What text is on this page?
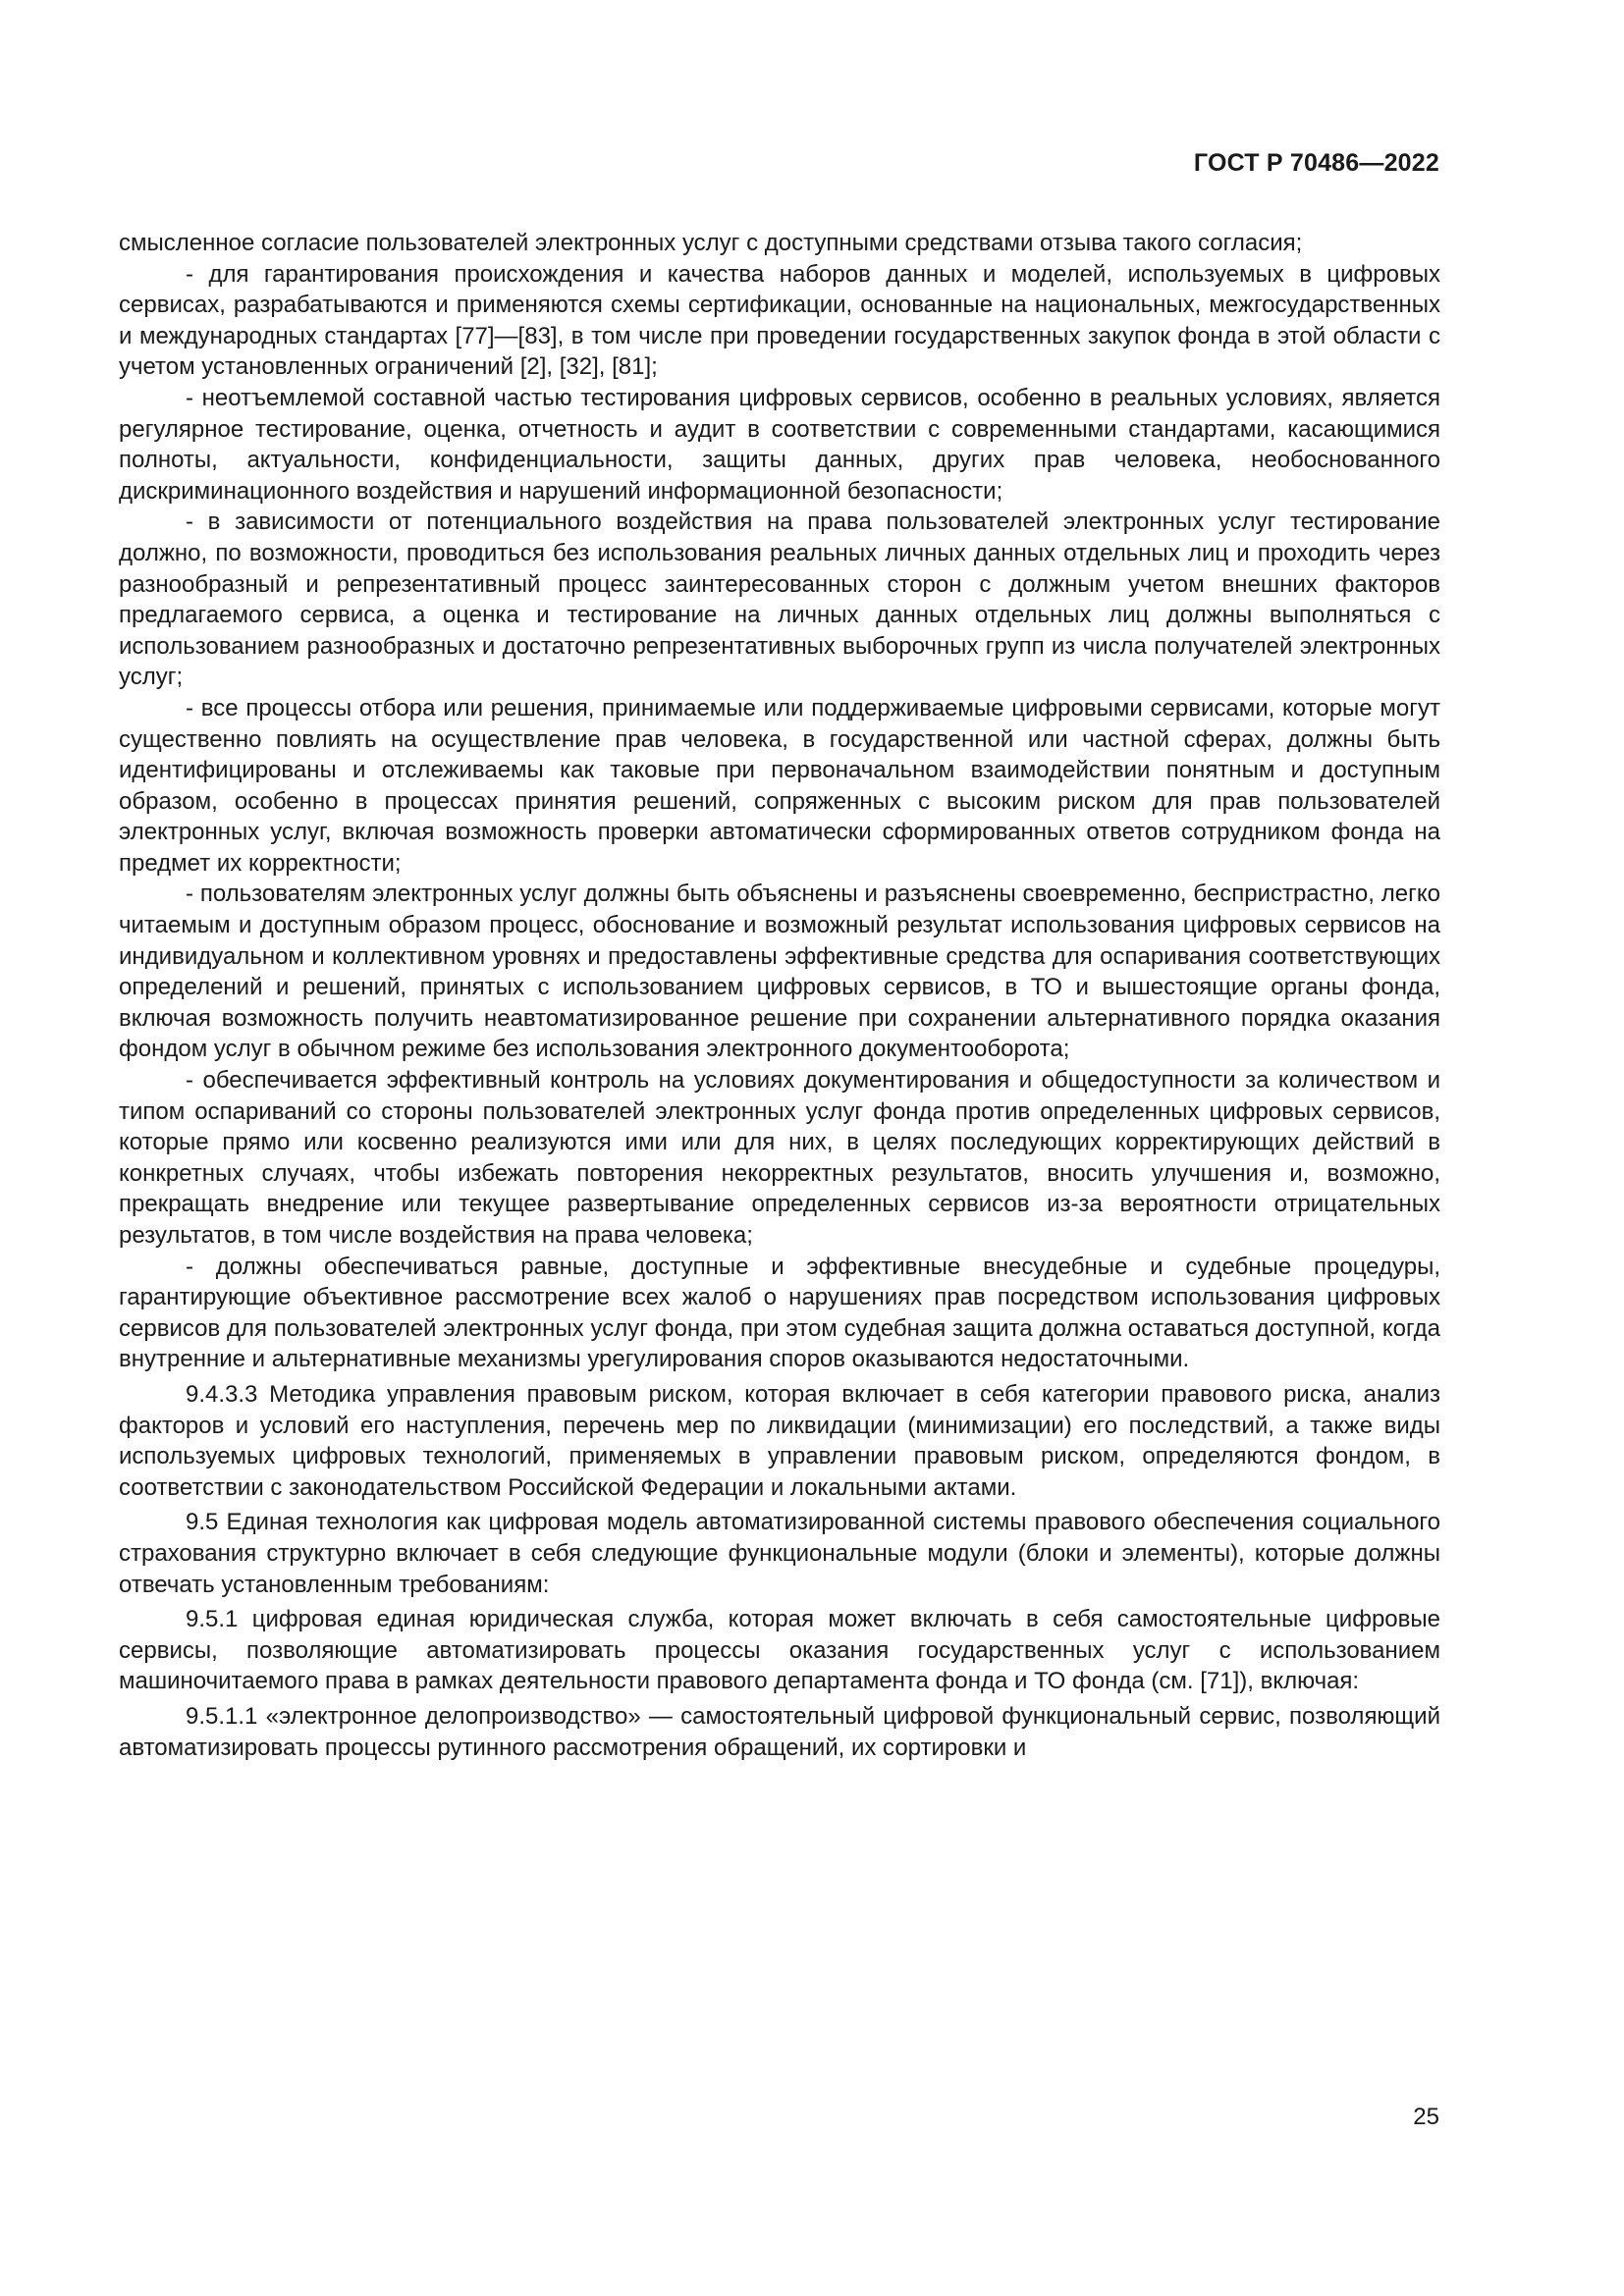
ГОСТ Р 70486—2022

смысленное согласие пользователей электронных услуг с доступными средствами отзыва такого согласия;

- для гарантирования происхождения и качества наборов данных и моделей, используемых в цифровых сервисах, разрабатываются и применяются схемы сертификации, основанные на национальных, межгосударственных и международных стандартах [77]—[83], в том числе при проведении государственных закупок фонда в этой области с учетом установленных ограничений [2], [32], [81];

- неотъемлемой составной частью тестирования цифровых сервисов, особенно в реальных условиях, является регулярное тестирование, оценка, отчетность и аудит в соответствии с современными стандартами, касающимися полноты, актуальности, конфиденциальности, защиты данных, других прав человека, необоснованного дискриминационного воздействия и нарушений информационной безопасности;

- в зависимости от потенциального воздействия на права пользователей электронных услуг тестирование должно, по возможности, проводиться без использования реальных личных данных отдельных лиц и проходить через разнообразный и репрезентативный процесс заинтересованных сторон с должным учетом внешних факторов предлагаемого сервиса, а оценка и тестирование на личных данных отдельных лиц должны выполняться с использованием разнообразных и достаточно репрезентативных выборочных групп из числа получателей электронных услуг;

- все процессы отбора или решения, принимаемые или поддерживаемые цифровыми сервисами, которые могут существенно повлиять на осуществление прав человека, в государственной или частной сферах, должны быть идентифицированы и отслеживаемы как таковые при первоначальном взаимодействии понятным и доступным образом, особенно в процессах принятия решений, сопряженных с высоким риском для прав пользователей электронных услуг, включая возможность проверки автоматически сформированных ответов сотрудником фонда на предмет их корректности;

- пользователям электронных услуг должны быть объяснены и разъяснены своевременно, беспристрастно, легко читаемым и доступным образом процесс, обоснование и возможный результат использования цифровых сервисов на индивидуальном и коллективном уровнях и предоставлены эффективные средства для оспаривания соответствующих определений и решений, принятых с использованием цифровых сервисов, в ТО и вышестоящие органы фонда, включая возможность получить неавтоматизированное решение при сохранении альтернативного порядка оказания фондом услуг в обычном режиме без использования электронного документооборота;

- обеспечивается эффективный контроль на условиях документирования и общедоступности за количеством и типом оспариваний со стороны пользователей электронных услуг фонда против определенных цифровых сервисов, которые прямо или косвенно реализуются ими или для них, в целях последующих корректирующих действий в конкретных случаях, чтобы избежать повторения некорректных результатов, вносить улучшения и, возможно, прекращать внедрение или текущее развертывание определенных сервисов из-за вероятности отрицательных результатов, в том числе воздействия на права человека;

- должны обеспечиваться равные, доступные и эффективные внесудебные и судебные процедуры, гарантирующие объективное рассмотрение всех жалоб о нарушениях прав посредством использования цифровых сервисов для пользователей электронных услуг фонда, при этом судебная защита должна оставаться доступной, когда внутренние и альтернативные механизмы урегулирования споров оказываются недостаточными.

9.4.3.3 Методика управления правовым риском, которая включает в себя категории правового риска, анализ факторов и условий его наступления, перечень мер по ликвидации (минимизации) его последствий, а также виды используемых цифровых технологий, применяемых в управлении правовым риском, определяются фондом, в соответствии с законодательством Российской Федерации и локальными актами.

9.5 Единая технология как цифровая модель автоматизированной системы правового обеспечения социального страхования структурно включает в себя следующие функциональные модули (блоки и элементы), которые должны отвечать установленным требованиям:

9.5.1 цифровая единая юридическая служба, которая может включать в себя самостоятельные цифровые сервисы, позволяющие автоматизировать процессы оказания государственных услуг с использованием машиночитаемого права в рамках деятельности правового департамента фонда и ТО фонда (см. [71]), включая:

9.5.1.1 «электронное делопроизводство» — самостоятельный цифровой функциональный сервис, позволяющий автоматизировать процессы рутинного рассмотрения обращений, их сортировки и

25
